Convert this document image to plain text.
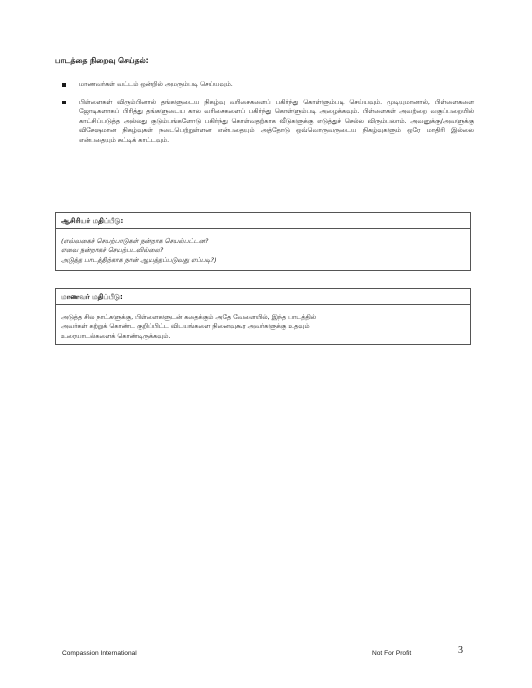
பாடத்தை நிறைவு செய்தல்:
மாணவர்கள் வட்டம் ஒன்றில் அமரும்படி செய்யவும்.
பிள்ளைகள் விரும்பினால் தங்களுடைய நிகழ்வு வரிசைகளைப் பகிர்ந்து கொள்ளும்படி செய்யவும். முடியுமானால், பிள்ளைகளை ஜோடிகளாகப் பிரித்து தங்களுடைய கால வரிசைகளைப் பகிர்ந்து கொள்ளும்படி அழைக்கவும். பிள்ளைகள் அவற்றை வகுப்பறையில் காட்சிப்படுத்த அல்லது குடும்பங்களோடு பகிர்ந்து கொள்வதற்காக வீடுகளுக்கு எடுத்துச் செல்ல விரும்பலாம். அவனுக்கு/அவளுக்கு விசேஷமான நிகழ்வுகள் நடைபெற்றுள்ளன என்பதையும் அத்தோடு ஒவ்வொருவருடைய நிகழ்வுகளும் ஒரே மாதிரி இல்லை என்பதையும் சுட்டிக் காட்டவும்.
ஆசிரியர் மதிப்பீடு:
(எவ்வகைச் செயற்பாடுகள் நன்றாக செயல்பட்டன?
எவை நன்றாகச் செயற்படவில்லை?
அடுத்த பாடத்திற்காக நான் ஆயத்தப்படுவது எப்படி?)
மாணவர் மதிப்பீடு:
அடுத்த சில நாட்களுக்கு, பிள்ளைகளுடன் கதைக்கும் அதே வேளையில், இந்த பாடத்தில்
அவர்கள் கற்றுக் கொண்ட குறிப்பிட்ட விடயங்களை நினைவுகூர அவர்களுக்கு உதவும்
உரையாடல்களைக் கொண்டிருக்கவும்.
Compassion International	Not For Profit	3
